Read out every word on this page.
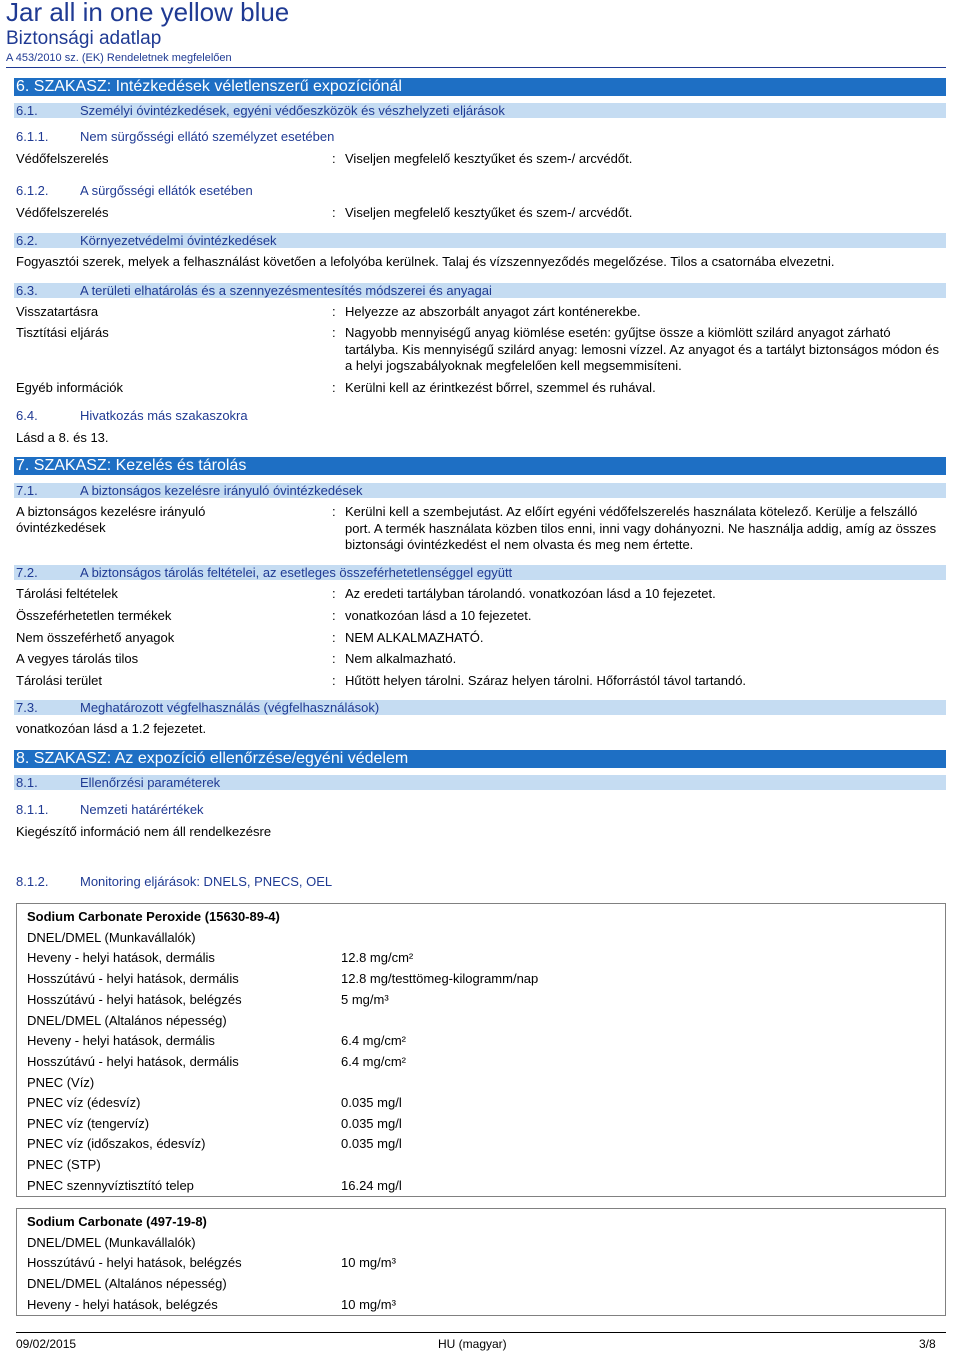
Jar all in one yellow blue
Biztonsági adatlap
A 453/2010 sz. (EK) Rendeletnek megfelelően
6. SZAKASZ: Intézkedések véletlenszerű expozíciónál
6.1.	Személyi óvintézkedések, egyéni védőeszközök és vészhelyzeti eljárások
6.1.1. Nem sürgősségi ellátó személyzet esetében
Védőfelszerelés	: Viseljen megfelelő kesztyűket és szem-/ arcvédőt.
6.1.2. A sürgősségi ellátók esetében
Védőfelszerelés	: Viseljen megfelelő kesztyűket és szem-/ arcvédőt.
6.2.	Környezetvédelmi óvintézkedések
Fogyasztói szerek, melyek a felhasználást követően a lefolyóba kerülnek. Talaj és vízszennyeződés megelőzése. Tilos a csatornába elvezetni.
6.3.	A területi elhatárolás és a szennyezésmentesítés módszerei és anyagai
Visszatartásra	: Helyezze az abszorbált anyagot zárt konténerekbe.
Tisztítási eljárás	: Nagyobb mennyiségű anyag kiömlése esetén: gyűjtse össze a kiömlött szilárd anyagot zárható tartályba. Kis mennyiségű szilárd anyag: lemosni vízzel. Az anyagot és a tartályt biztonságos módon és a helyi jogszabályoknak megfelelően kell megsemmisíteni.
Egyéb információk	: Kerülni kell az érintkezést bőrrel, szemmel és ruhával.
6.4.	Hivatkozás más szakaszokra
Lásd a 8. és 13.
7. SZAKASZ: Kezelés és tárolás
7.1.	A biztonságos kezelésre irányuló óvintézkedések
A biztonságos kezelésre irányuló
óvintézkedések
: Kerülni kell a szembejutást. Az előírt egyéni védőfelszerelés használata kötelező. Kerülje a felszálló port. A termék használata közben tilos enni, inni vagy dohányozni. Ne használja addig, amíg az összes biztonsági óvintézkedést el nem olvasta és meg nem értette.
7.2.	A biztonságos tárolás feltételei, az esetleges összeférhetetlenséggel együtt
Tárolási feltételek	: Az eredeti tartályban tárolandó. vonatkozóan lásd a 10 fejezetet.
Összeférhetetlen termékek	: vonatkozóan lásd a 10 fejezetet.
Nem összeférhető anyagok	: NEM ALKALMAZHATÓ.
A vegyes tárolás tilos	: Nem alkalmazható.
Tárolási terület	: Hűtött helyen tárolni. Száraz helyen tárolni. Hőforrástól távol tartandó.
7.3.	Meghatározott végfelhasználás (végfelhasználások)
vonatkozóan lásd a 1.2 fejezetet.
8. SZAKASZ: Az expozíció ellenőrzése/egyéni védelem
8.1.	Ellenőrzési paraméterek
8.1.1. Nemzeti határértékek
Kiegészítő információ nem áll rendelkezésre
8.1.2. Monitoring eljárások: DNELS, PNECS, OEL
Sodium Carbonate Peroxide (15630-89-4)
DNEL/DMEL (Munkavállalók)
Heveny - helyi hatások, dermális	12.8 mg/cm²
Hosszútávú - helyi hatások, dermális	12.8 mg/testtömeg-kilogramm/nap
Hosszútávú - helyi hatások, belégzés	5 mg/m³
DNEL/DMEL (Altalános népesség)
Heveny - helyi hatások, dermális	6.4 mg/cm²
Hosszútávú - helyi hatások, dermális	6.4 mg/cm²
PNEC (Víz)
PNEC víz (édesvíz)	0.035 mg/l
PNEC víz (tengervíz)	0.035 mg/l
PNEC víz (időszakos, édesvíz)	0.035 mg/l
PNEC (STP)
PNEC szennyvíztisztító telep	16.24 mg/l
Sodium Carbonate (497-19-8)
DNEL/DMEL (Munkavállalók)
Hosszútávú - helyi hatások, belégzés	10 mg/m³
DNEL/DMEL (Altalános népesség)
Heveny - helyi hatások, belégzés	10 mg/m³
09/02/2015	HU (magyar)	3/8
